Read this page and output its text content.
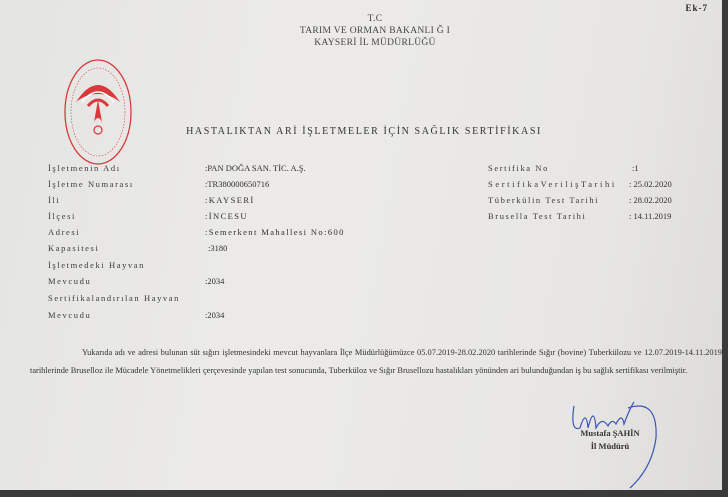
Ek-7
T.C
TARIM VE ORMAN BAKANLI Ğ I
KAYSERİ İL MÜDÜRLÜĞÜ
HASTALIKTAN ARİ İŞLETMELER İÇİN SAĞLIK SERTİFİKASI
İşletmenin Adı	:PAN DOĞA SAN. TİC. A.Ş.
İşletme Numarası	:TR380000650716
İli	:KAYSERİ
İlçesi	:İNCESU
Adresi	:Semerkent Mahallesi No:600
Kapasitesi	:3180
İşletmedeki Hayvan
Mevcudu	:2034
Sertifikalandırılan Hayvan
Mevcudu	:2034
Sertifika No	:1
SertifikaVerilişTarihi : 25.02.2020
Tüberkülin Test Tarihi	: 28.02.2020
Brusella Test Tarihi	: 14.11.2019
Yukarıda adı ve adresi bulunan süt sığırı işletmesindeki mevcut hayvanlara İlçe Müdürlüğümüzce 05.07.2019-28.02.2020 tarihlerinde Sığır (bovine) Tuberkülozu ve 12.07.2019-14.11.2019 tarihlerinde Bruselloz ile Mücadele Yönetmelikleri çerçevesinde yapılan test sonucunda, Tuberküloz ve Sığır Brusellozu hastalıkları yönünden ari bulunduğundan iş bu sağlık sertifikası verilmiştir.
Mustafa ŞAHİN
İl Müdürü
